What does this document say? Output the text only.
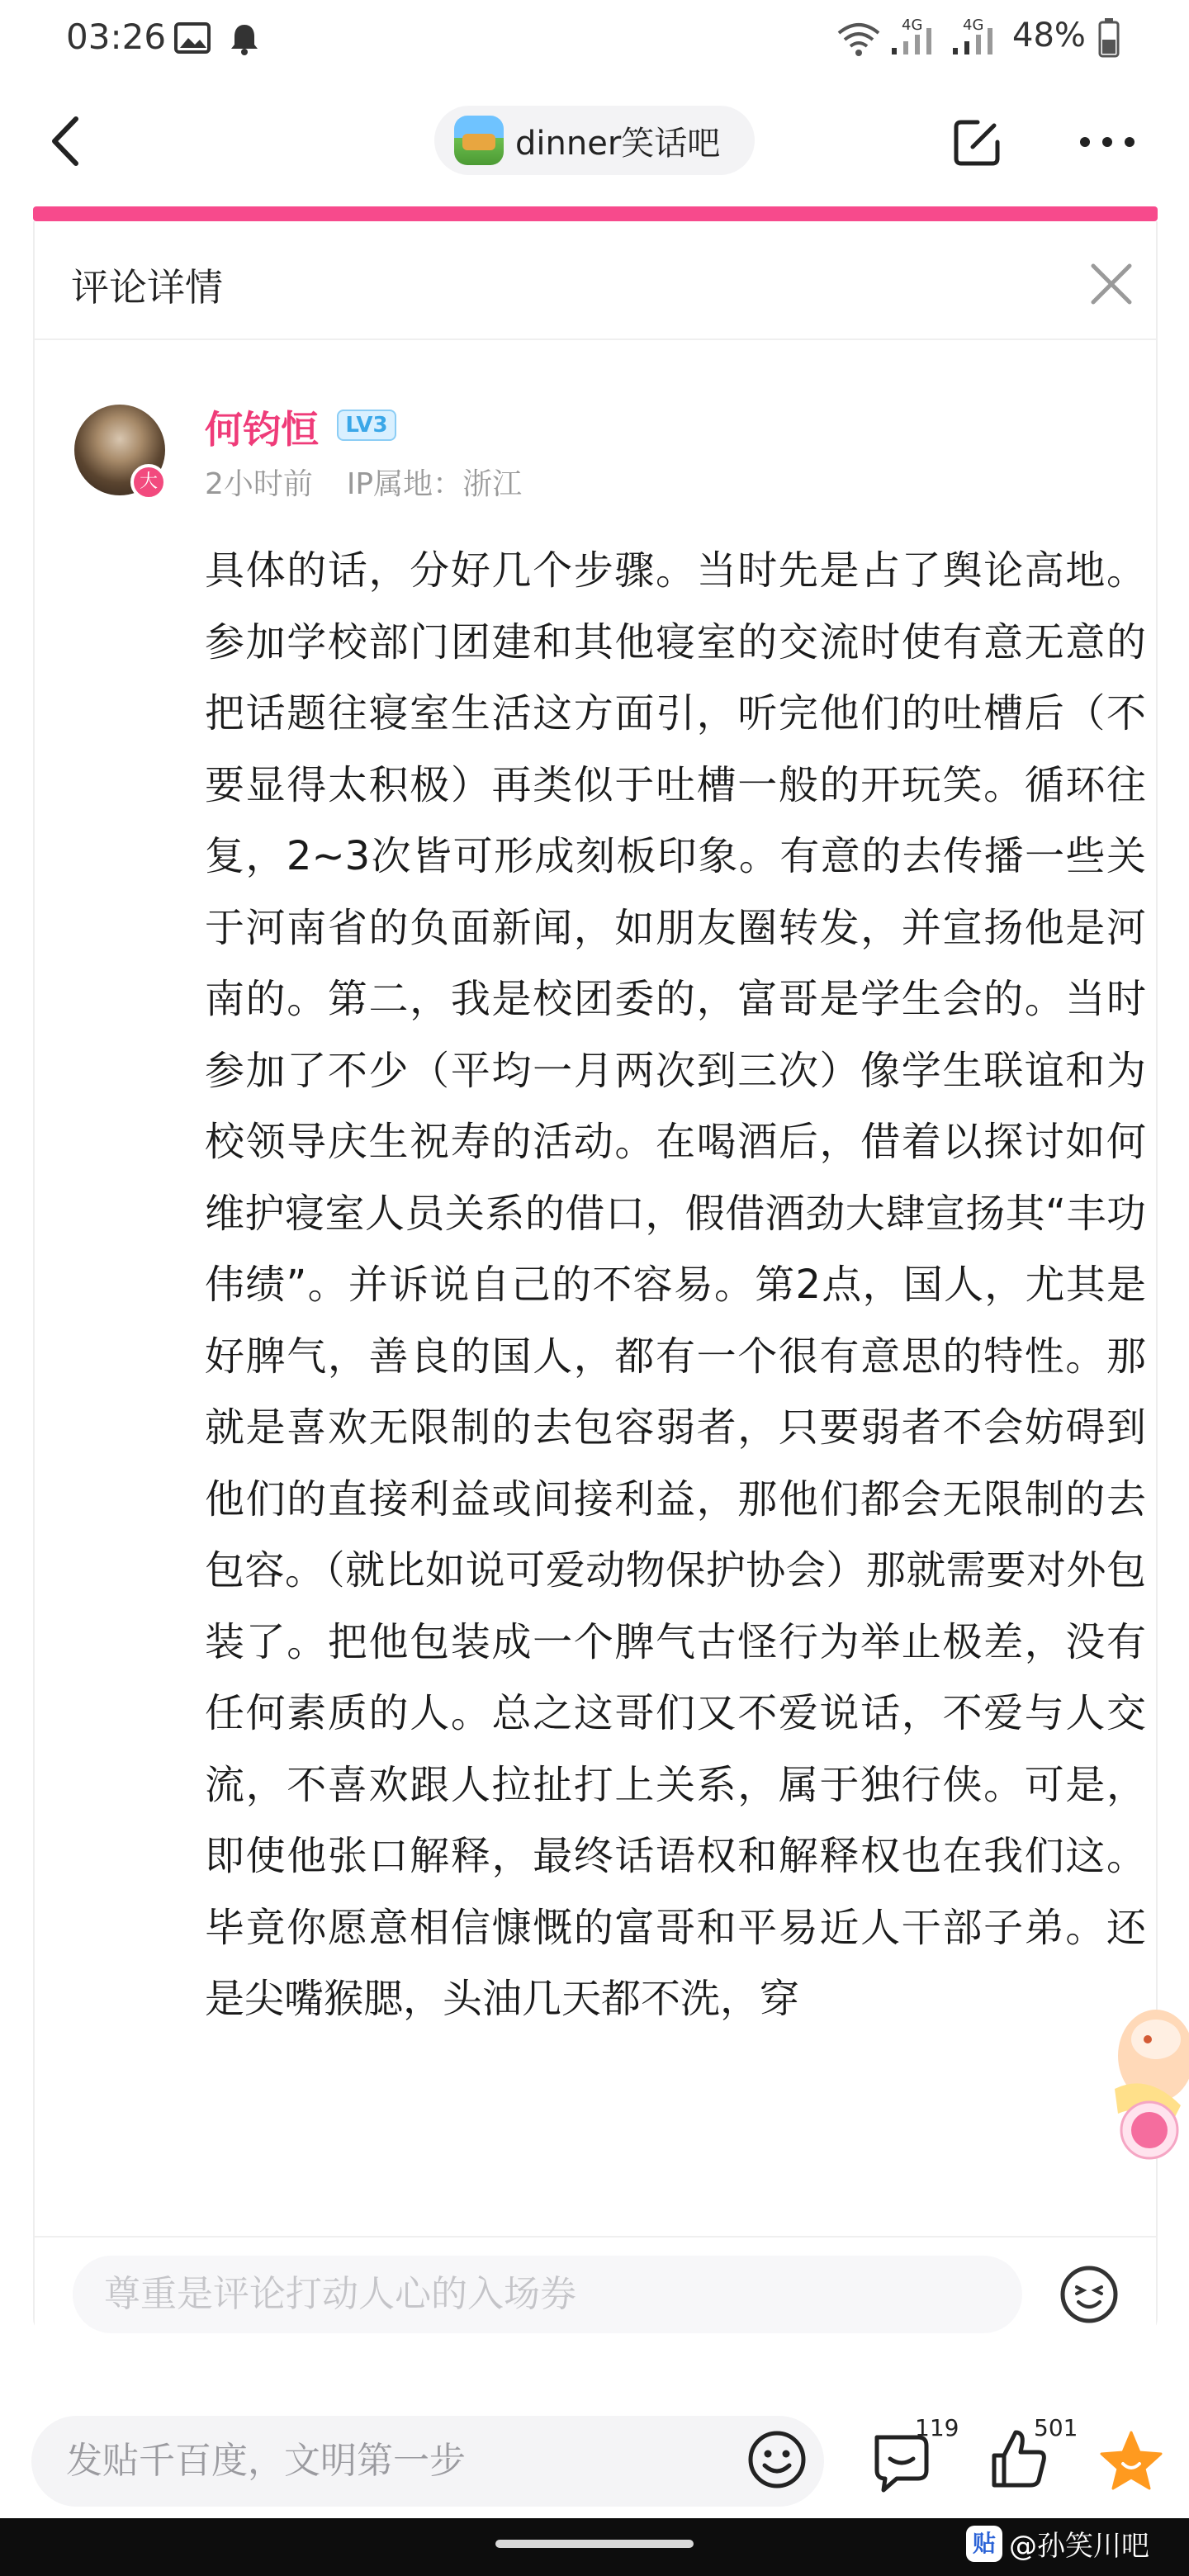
03:26	4G	4G 48%
dinner笑话吧
评论详情
大
何钧恒	LV3
2小时前 IP属地：浙江
具体的话，分好几个步骤。当时先是占了舆论高地。参加学校部门团建和其他寝室的交流时使有意无意的把话题往寝室生活这方面引，听完他们的吐槽后（不要显得太积极）再类似于吐槽一般的开玩笑。循环往复，2~3次皆可形成刻板印象。有意的去传播一些关于河南省的负面新闻，如朋友圈转发，并宣扬他是河南的。第二，我是校团委的，富哥是学生会的。当时参加了不少（平均一月两次到三次）像学生联谊和为校领导庆生祝寿的活动。在喝酒后，借着以探讨如何维护寝室人员关系的借口，假借酒劲大肆宣扬其“丰功伟绩”。并诉说自己的不容易。第2点，国人，尤其是好脾气，善良的国人，都有一个很有意思的特性。那就是喜欢无限制的去包容弱者，只要弱者不会妨碍到他们的直接利益或间接利益，那他们都会无限制的去包容。（就比如说可爱动物保护协会）那就需要对外包装了。把他包装成一个脾气古怪行为举止极差，没有任何素质的人。总之这哥们又不爱说话，不爱与人交流，不喜欢跟人拉扯打上关系，属于独行侠。可是，即使他张口解释，最终话语权和解释权也在我们这。毕竟你愿意相信慷慨的富哥和平易近人干部子弟。还是尖嘴猴腮，头油几天都不洗，穿
尊重是评论打动人心的入场券
发贴千百度，文明第一步
119	501
贴 @孙笑川吧
